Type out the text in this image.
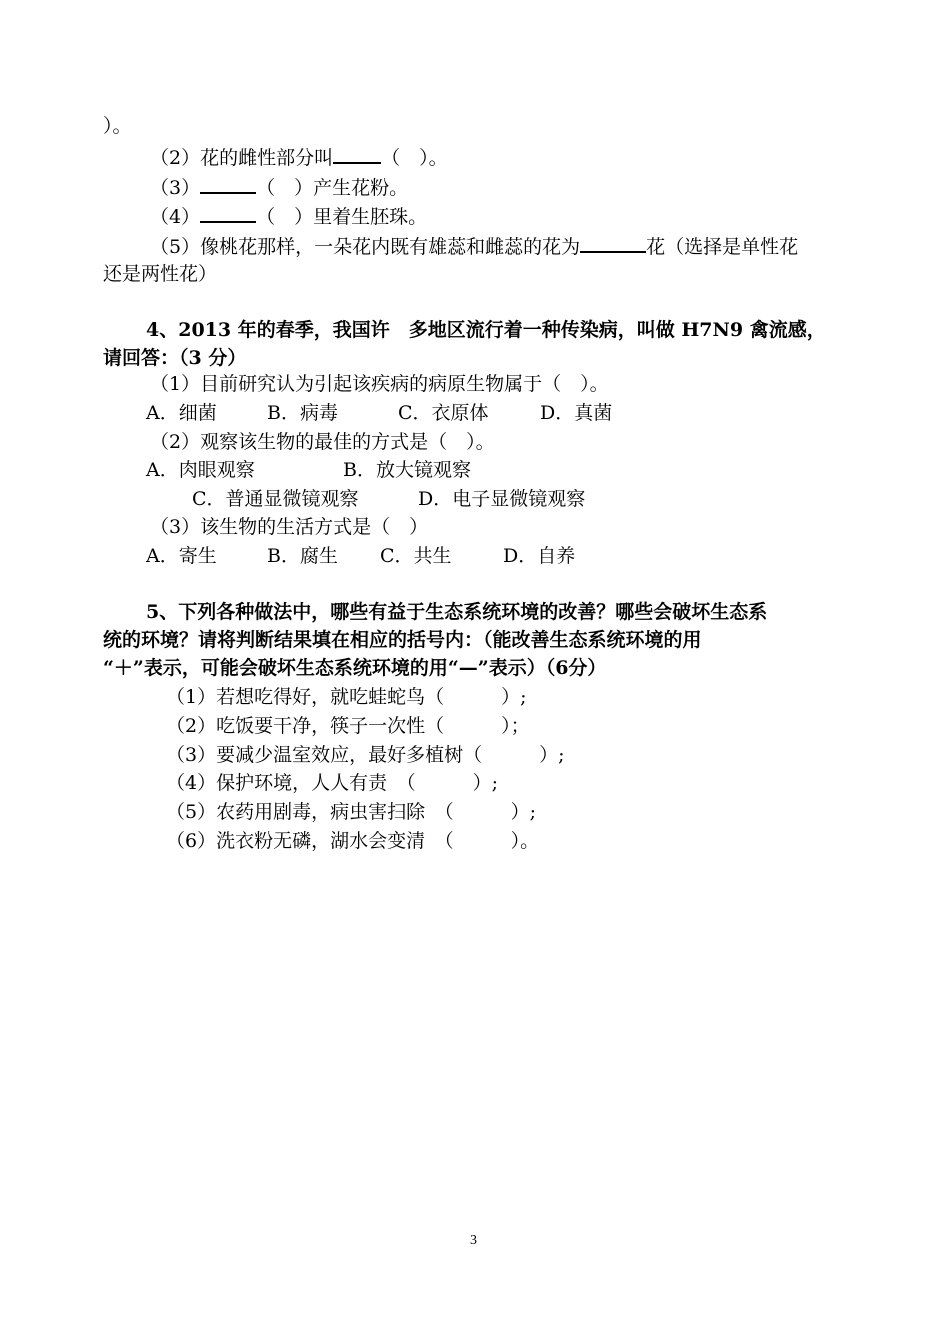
）。
（2）花的雌性部分叫	（　）。
（3）	（　）产生花粉。
（4）	（　）里着生胚珠。
（5）像桃花那样，一朵花内既有雄蕊和雌蕊的花为	花（选择是单性花
还是两性花）
4、2013 年的春季，我国许　多地区流行着一种传染病，叫做 H7N9 禽流感，
请回答：（3 分）
（1）目前研究认为引起该疾病的病原生物属于（　）。
A．细菌	B．病毒	C．衣原体	D．真菌
（2）观察该生物的最佳的方式是（　）。
A．肉眼观察	B．放大镜观察
C．普通显微镜观察	D．电子显微镜观察
（3）该生物的生活方式是（　）
A．寄生	B．腐生 C．共生	D．自养
5、下列各种做法中，哪些有益于生态系统环境的改善？哪些会破坏生态系
统的环境？请将判断结果填在相应的括号内：（能改善生态系统环境的用
“＋”表示，可能会破坏生态系统环境的用“—”表示）（6分）
（1）若想吃得好，就吃蛙蛇鸟（　　　）;
（2）吃饭要干净，筷子一次性（　　　）；
（3）要减少温室效应，最好多植树（　　　）;
（4）保护环境，人人有责　（　　　）;
（5）农药用剧毒，病虫害扫除　（　　　）;
（6）洗衣粉无磷，湖水会变清　（　　　）。
3
